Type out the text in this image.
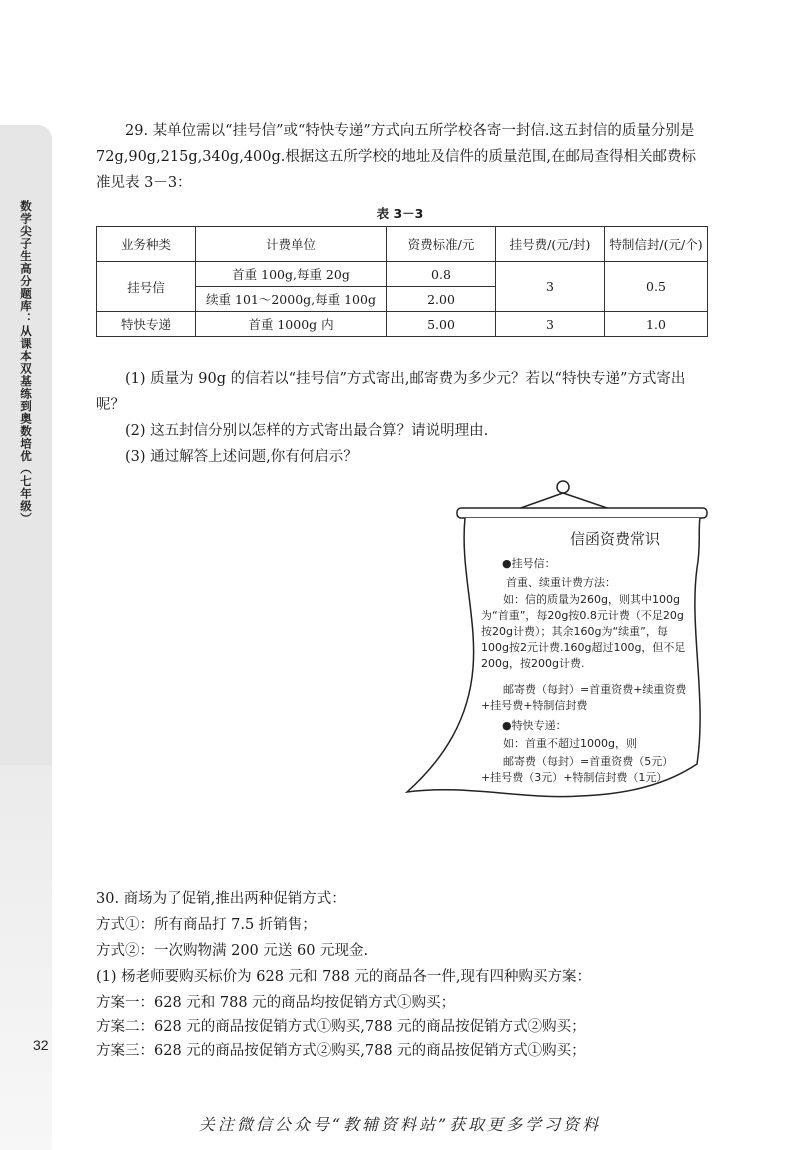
数学尖子生高分题库：从课本双基练到奥数培优（七年级）
32

29. 某单位需以“挂号信”或“特快专递”方式向五所学校各寄一封信.这五封信的质量分别是 72g,90g,215g,340g,400g.根据这五所学校的地址及信件的质量范围,在邮局查得相关邮费标准见表 3－3：

表 3－3
业务种类	计费单位	资费标准/元	挂号费/(元/封)	特制信封/(元/个)
挂号信	首重 100g,每重 20g	0.8	3	0.5
	续重 101～2000g,每重 100g	2.00		
特快专递	首重 1000g 内	5.00	3	1.0

(1) 质量为 90g 的信若以“挂号信”方式寄出,邮寄费为多少元？若以“特快专递”方式寄出呢？

(2) 这五封信分别以怎样的方式寄出最合算？请说明理由.

(3) 通过解答上述问题,你有何启示？

信函资费常识

●挂号信：

首重、续重计费方法：

如：信的质量为260g，则其中100g为“首重”，每20g按0.8元计费（不足20g按20g计费）；其余160g为“续重”，每100g按2元计费.160g超过100g，但不足200g，按200g计费.

邮寄费（每封）=首重资费+续重资费+挂号费+特制信封费

●特快专递：

如：首重不超过1000g，则

邮寄费（每封）=首重资费（5元）+挂号费（3元）+特制信封费（1元）

30. 商场为了促销,推出两种促销方式：

方式①：所有商品打 7.5 折销售；

方式②：一次购物满 200 元送 60 元现金.

(1) 杨老师要购买标价为 628 元和 788 元的商品各一件,现有四种购买方案：

方案一：628 元和 788 元的商品均按促销方式①购买；

方案二：628 元的商品按促销方式①购买,788 元的商品按促销方式②购买；

方案三：628 元的商品按促销方式②购买,788 元的商品按促销方式①购买；

关注微信公众号“教辅资料站”获取更多学习资料
